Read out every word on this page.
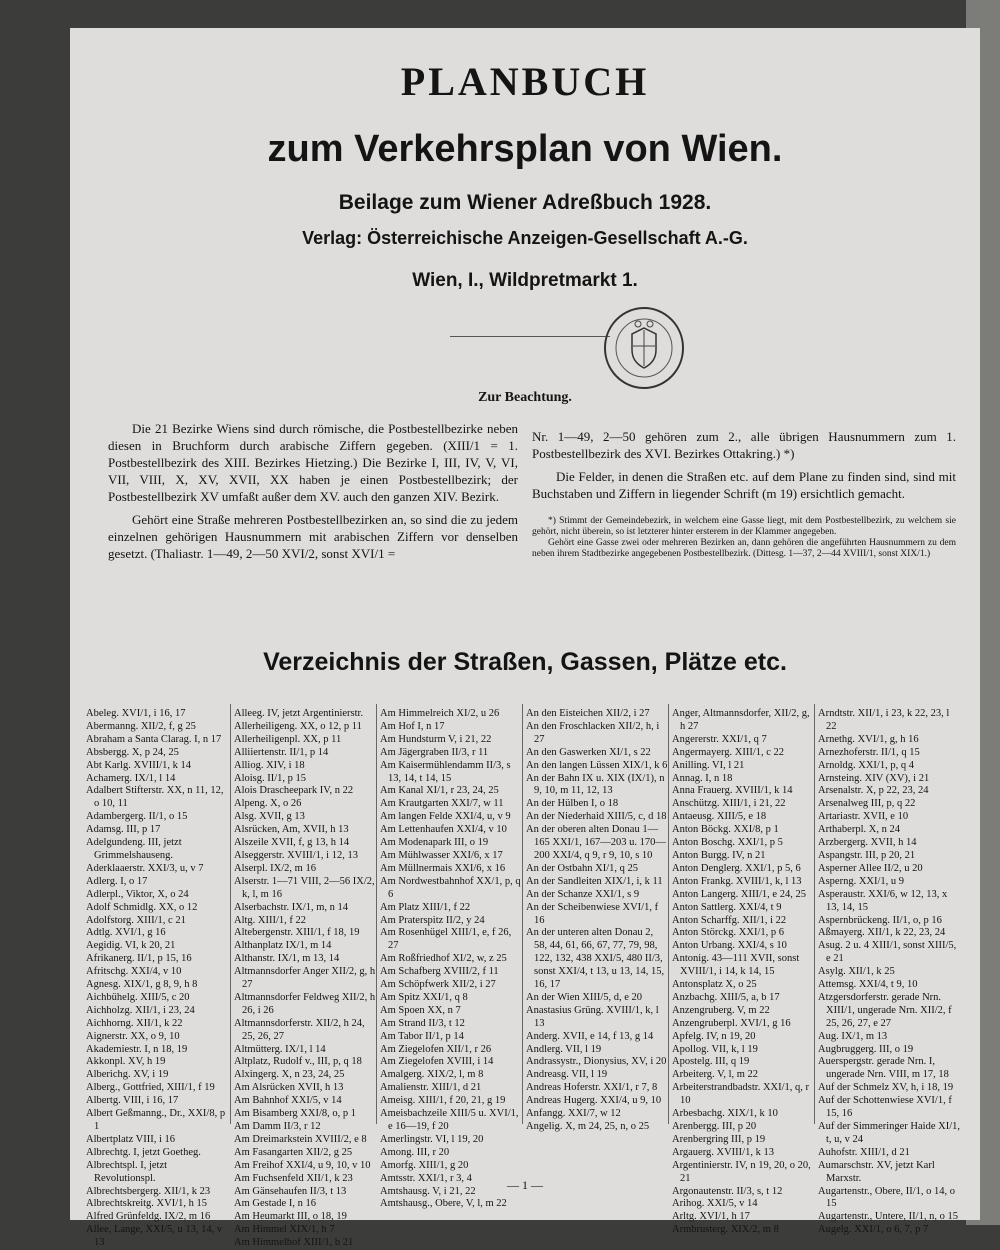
PLANBUCH
zum Verkehrsplan von Wien.
Beilage zum Wiener Adreßbuch 1928.
Verlag: Österreichische Anzeigen-Gesellschaft A.-G.
Wien, I., Wildpretmarkt 1.
Zur Beachtung.

Die 21 Bezirke Wiens sind durch römische, die Postbestellbezirke neben diesen in Bruchform durch arabische Ziffern gegeben. (XIII/1 = 1. Postbestellbezirk des XIII. Bezirkes Hietzing.) Die Bezirke I, III, IV, V, VI, VII, VIII, X, XV, XVII, XX haben je einen Postbestellbezirk; der Postbestellbezirk XV umfaßt außer dem XV. auch den ganzen XIV. Bezirk.

Gehört eine Straße mehreren Postbestellbezirken an, so sind die zu jedem einzelnen gehörigen Hausnummern mit arabischen Ziffern vor denselben gesetzt. (Thaliastr. 1—49, 2—50 XVI/2, sonst XVI/1 =

Nr. 1—49, 2—50 gehören zum 2., alle übrigen Hausnummern zum 1. Postbestellbezirk des XVI. Bezirkes Ottakring.) *)

Die Felder, in denen die Straßen etc. auf dem Plane zu finden sind, sind mit Buchstaben und Ziffern in liegender Schrift (m 19) ersichtlich gemacht.

*) Stimmt der Gemeindebezirk, in welchem eine Gasse liegt, mit dem Postbestellbezirk, zu welchem sie gehört, nicht überein, so ist letzterer hinter ersterem in der Klammer angegeben.

Gehört eine Gasse zwei oder mehreren Bezirken an, dann gehören die angeführten Hausnummern zu dem neben ihrem Stadtbezirke angegebenen Postbestellbezirk. (Dittesg. 1—37, 2—44 XVIII/1, sonst XIX/1.)

Verzeichnis der Straßen, Gassen, Plätze etc.
Abeleg. XVI/1, i 16, 17
Abermanng. XII/2, f, g 25
Abraham a Santa Clarag. I, n 17
Absbergg. X, p 24, 25
Abt Karlg. XVIII/1, k 14
Achamerg. IX/1, l 14
Adalbert Stifterstr. XX, n 11, 12, o 10, 11
Adambergerg. II/1, o 15
Adamsg. III, p 17
Adelgundeng. III, jetzt Grimmelshauseng.
Aderklaaerstr. XXI/3, u, v 7
Adlerg. I, o 17
Adlerpl., Viktor, X, o 24
Adolf Schmidlg. XX, o 12
Adolfstorg. XIII/1, c 21
Adtlg. XVI/1, g 16
Aegidig. VI, k 20, 21
Afrikanerg. II/1, p 15, 16
Afritschg. XXI/4, v 10
Agnesg. XIX/1, g 8, 9, h 8
Aichbühelg. XIII/5, c 20
Aichholzg. XII/1, i 23, 24
Aichhorng. XII/1, k 22
Aignerstr. XX, o 9, 10
Akademiestr. I, n 18, 19
Akkonpl. XV, h 19
Alberichg. XV, i 19
Alberg., Gottfried, XIII/1, f 19
Albertg. VIII, i 16, 17
Albert Geßmanng., Dr., XXI/8, p 1
Albertplatz VIII, i 16
Albrechtg. I, jetzt Goetheg.
Albrechtspl. I, jetzt Revolutionspl.
Albrechtsbergerg. XII/1, k 23
Albrechtskreitg. XVI/1, h 15
Alfred Grünfeldg. IX/2, m 16
Allee, Lange, XXI/5, u 13, 14, v 13
Alleeg. IV, jetzt Argentinierstr.
Allerheiligeng. XX, o 12, p 11
Allerheiligenpl. XX, p 11
Alliiertenstr. II/1, p 14
Alliog. XIV, i 18
Aloisg. II/1, p 15
Alois Drascheepark IV, n 22
Alpeng. X, o 26
Alsg. XVII, g 13
Alsrücken, Am, XVII, h 13
Alszeile XVII, f, g 13, h 14
Alseggerstr. XVIII/1, i 12, 13
Alserpl. IX/2, m 16
Alserstr. 1—71 VIII, 2—56 IX/2, k, l, m 16
Alserbachstr. IX/1, m, n 14
Altg. XIII/1, f 22
Altebergenstr. XIII/1, f 18, 19
Althanplatz IX/1, m 14
Althanstr. IX/1, m 13, 14
Altmannsdorfer Anger XII/2, g, h 27
Altmannsdorfer Feldweg XII/2, h 26, i 26
Altmannsdorferstr. XII/2, h 24, 25, 26, 27
Altmütterg. IX/1, l 14
Altplatz, Rudolf v., III, p, q 18
Alxingerg. X, n 23, 24, 25
Am Alsrücken XVII, h 13
Am Bahnhof XXI/5, v 14
Am Bisamberg XXI/8, o, p 1
Am Damm II/3, r 12
Am Dreimarkstein XVIII/2, e 8
Am Fasangarten XII/2, g 25
Am Freihof XXI/4, u 9, 10, v 10
Am Fuchsenfeld XII/1, k 23
Am Gänsehaufen II/3, t 13
Am Gestade I, n 16
Am Heumarkt III, o 18, 19
Am Himmel XIX/1, h 7
Am Himmelhof XIII/1, b 21
Am Himmelreich XI/2, u 26
Am Hof I, n 17
Am Hundsturm V, i 21, 22
Am Jägergraben II/3, r 11
Am Kaisermühlendamm II/3, s 13, 14, t 14, 15
Am Kanal XI/1, r 23, 24, 25
Am Krautgarten XXI/7, w 11
Am langen Felde XXI/4, u, v 9
Am Lettenhaufen XXI/4, v 10
Am Modenapark III, o 19
Am Mühlwasser XXI/6, x 17
Am Müllnermais XXI/6, x 16
Am Nordwestbahnhof XX/1, p, q 6
Am Platz XIII/1, f 22
Am Praterspitz II/2, y 24
Am Rosenhügel XIII/1, e, f 26, 27
Am Roßfriedhof XI/2, w, z 25
Am Schafberg XVIII/2, f 11
Am Schöpfwerk XII/2, i 27
Am Spitz XXI/1, q 8
Am Spoen XX, n 7
Am Strand II/3, t 12
Am Tabor II/1, p 14
Am Ziegelofen XII/1, r 26
Am Ziegelofen XVIII, i 14
Amalgerg. XIX/2, l, m 8
Amalienstr. XIII/1, d 21
Ameisg. XIII/1, f 20, 21, g 19
Ameisbachzeile XIII/5 u. XVI/1, e 16—19, f 20
Amerlingstr. VI, l 19, 20
Among. III, r 20
Amorfg. XIII/1, g 20
Amtsstr. XXI/1, r 3, 4
Amtshausg. V, i 21, 22
Amtshausg., Obere, V, l, m 22
An den Eisteichen XII/2, i 27
An den Froschlacken XII/2, h, i 27
An den Gaswerken XI/1, s 22
An den langen Lüssen XIX/1, k 6
An der Bahn IX u. XIX (IX/1), n 9, 10, m 11, 12, 13
An der Hülben I, o 18
An der Niederhaid XIII/5, c, d 18
An der oberen alten Donau 1—165 XXI/1, 167—203 u. 170—200 XXI/4, q 9, r 9, 10, s 10
An der Ostbahn XI/1, q 25
An der Sandleiten XIX/1, i, k 11
An der Schanze XXI/1, s 9
An der Scheibenwiese XVI/1, f 16
An der unteren alten Donau 2, 58, 44, 61, 66, 67, 77, 79, 98, 122, 132, 438 XXI/5, 480 II/3, sonst XXI/4, t 13, u 13, 14, 15, 16, 17
An der Wien XIII/5, d, e 20
Anastasius Grüng. XVIII/1, k, l 13
Anderg. XVII, e 14, f 13, g 14
Andlerg. VII, l 19
Andrassystr., Dionysius, XV, i 20
Andreasg. VII, l 19
Andreas Hoferstr. XXI/1, r 7, 8
Andreas Hugerg. XXI/4, u 9, 10
Anfangg. XXI/7, w 12
Angelig. X, m 24, 25, n, o 25
Anger, Altmannsdorfer, XII/2, g, h 27
Angererstr. XXI/1, q 7
Angermayerg. XIII/1, c 22
Anilling. VI, l 21
Annag. I, n 18
Anna Frauerg. XVIII/1, k 14
Anschützg. XIII/1, i 21, 22
Antaeusg. XIII/5, e 18
Anton Böckg. XXI/8, p 1
Anton Boschg. XXI/1, p 5
Anton Burgg. IV, n 21
Anton Denglerg. XXI/1, p 5, 6
Anton Frankg. XVIII/1, k, l 13
Anton Langerg. XIII/1, e 24, 25
Anton Sattlerg. XXI/4, t 9
Anton Scharffg. XII/1, i 22
Anton Störckg. XXI/1, p 6
Anton Urbang. XXI/4, s 10
Antonig. 43—111 XVII, sonst XVIII/1, i 14, k 14, 15
Antonsplatz X, o 25
Anzbachg. XIII/5, a, b 17
Anzengruberg. V, m 22
Anzengruberpl. XVI/1, g 16
Apfelg. IV, n 19, 20
Apollog. VII, k, l 19
Apostelg. III, q 19
Arbeiterg. V, l, m 22
Arbeiterstrandbadstr. XXI/1, q, r 10
Arbesbachg. XIX/1, k 10
Arenbergg. III, p 20
Arenbergring III, p 19
Argauerg. XVIII/1, k 13
Argentinierstr. IV, n 19, 20, o 20, 21
Argonautenstr. II/3, s, t 12
Arihog. XXI/5, v 14
Arltg. XVI/1, h 17
Armbrusterg. XIX/2, m 8
Arndtstr. XII/1, i 23, k 22, 23, l 22
Arnethg. XVI/1, g, h 16
Arnezhoferstr. II/1, q 15
Arnoldg. XXI/1, p, q 4
Arnsteing. XIV (XV), i 21
Arsenalstr. X, p 22, 23, 24
Arsenalweg III, p, q 22
Artariastr. XVII, e 10
Arthaberpl. X, n 24
Arzbergerg. XVII, h 14
Aspangstr. III, p 20, 21
Asperner Allee II/2, u 20
Asperng. XXI/1, u 9
Asperaustr. XXI/6, w 12, 13, x 13, 14, 15
Aspernbrückeng. II/1, o, p 16
Aßmayerg. XII/1, k 22, 23, 24
Asug. 2 u. 4 XIII/1, sonst XIII/5, e 21
Asylg. XII/1, k 25
Attemsg. XXI/4, t 9, 10
Atzgersdorferstr. gerade Nrn. XIII/1, ungerade Nrn. XII/2, f 25, 26, 27, e 27
Aug. IX/1, m 13
Augbruggerg. III, o 19
Auerspergstr. gerade Nrn. I, ungerade Nrn. VIII, m 17, 18
Auf der Schmelz XV, h, i 18, 19
Auf der Schottenwiese XVI/1, f 15, 16
Auf der Simmeringer Haide XI/1, t, u, v 24
Auhofstr. XIII/1, d 21
Aumarschstr. XV, jetzt Karl Marxstr.
Augartenstr., Obere, II/1, o 14, o 15
Augartenstr., Untere, II/1, n, o 15
Augelg. XXI/1, o 6, 7, p 7
— 1 —
